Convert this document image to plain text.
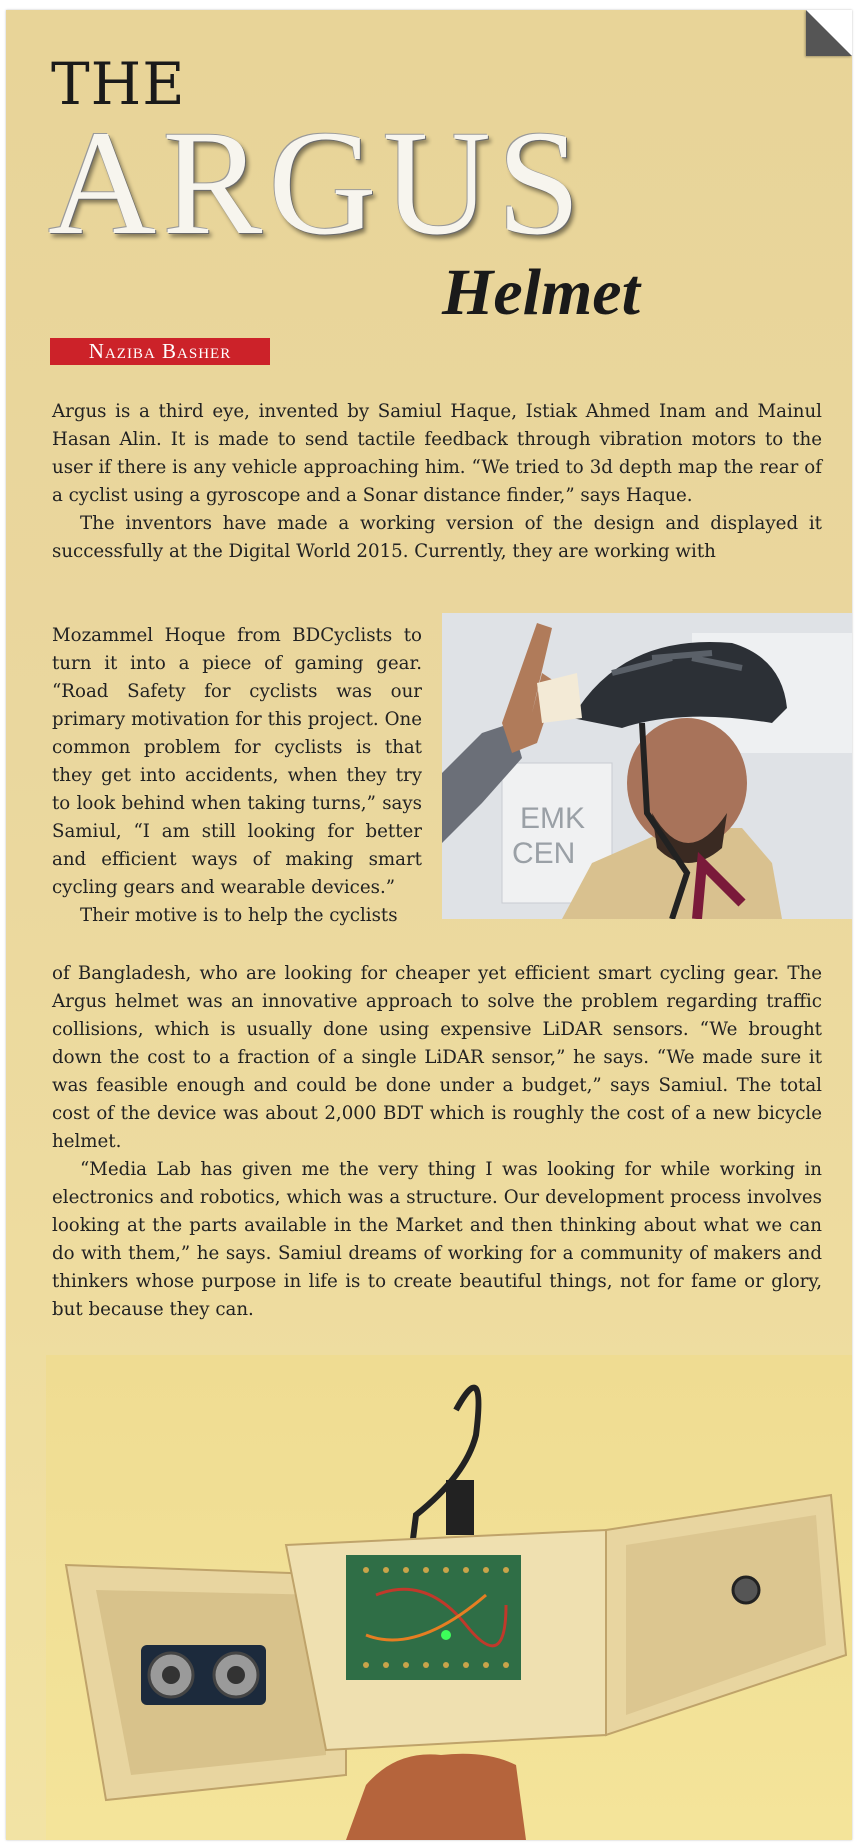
THE
ARGUS
Helmet
Naziba Basher

Argus is a third eye, invented by Samiul Haque, Istiak Ahmed Inam and Mainul Hasan Alin. It is made to send tactile feedback through vibration motors to the user if there is any vehicle approaching him. “We tried to 3d depth map the rear of a cyclist using a gyroscope and a Sonar distance finder,” says Haque.

The inventors have made a working version of the design and displayed it successfully at the Digital World 2015. Currently, they are working with

Mozammel Hoque from BDCyclists to turn it into a piece of gaming gear. “Road Safety for cyclists was our primary motivation for this project. One common problem for cyclists is that they get into accidents, when they try to look behind when taking turns,” says Samiul, “I am still looking for better and efficient ways of making smart cycling gears and wearable devices.”

Their motive is to help the cyclists

of Bangladesh, who are looking for cheaper yet efficient smart cycling gear. The Argus helmet was an innovative approach to solve the problem regarding traffic collisions, which is usually done using expensive LiDAR sensors. “We brought down the cost to a fraction of a single LiDAR sensor,” he says. “We made sure it was feasible enough and could be done under a budget,” says Samiul. The total cost of the device was about 2,000 BDT which is roughly the cost of a new bicycle helmet.

“Media Lab has given me the very thing I was looking for while working in electronics and robotics, which was a structure. Our development process involves looking at the parts available in the Market and then thinking about what we can do with them,” he says. Samiul dreams of working for a community of makers and thinkers whose purpose in life is to create beautiful things, not for fame or glory, but because they can.

EMK
CEN
